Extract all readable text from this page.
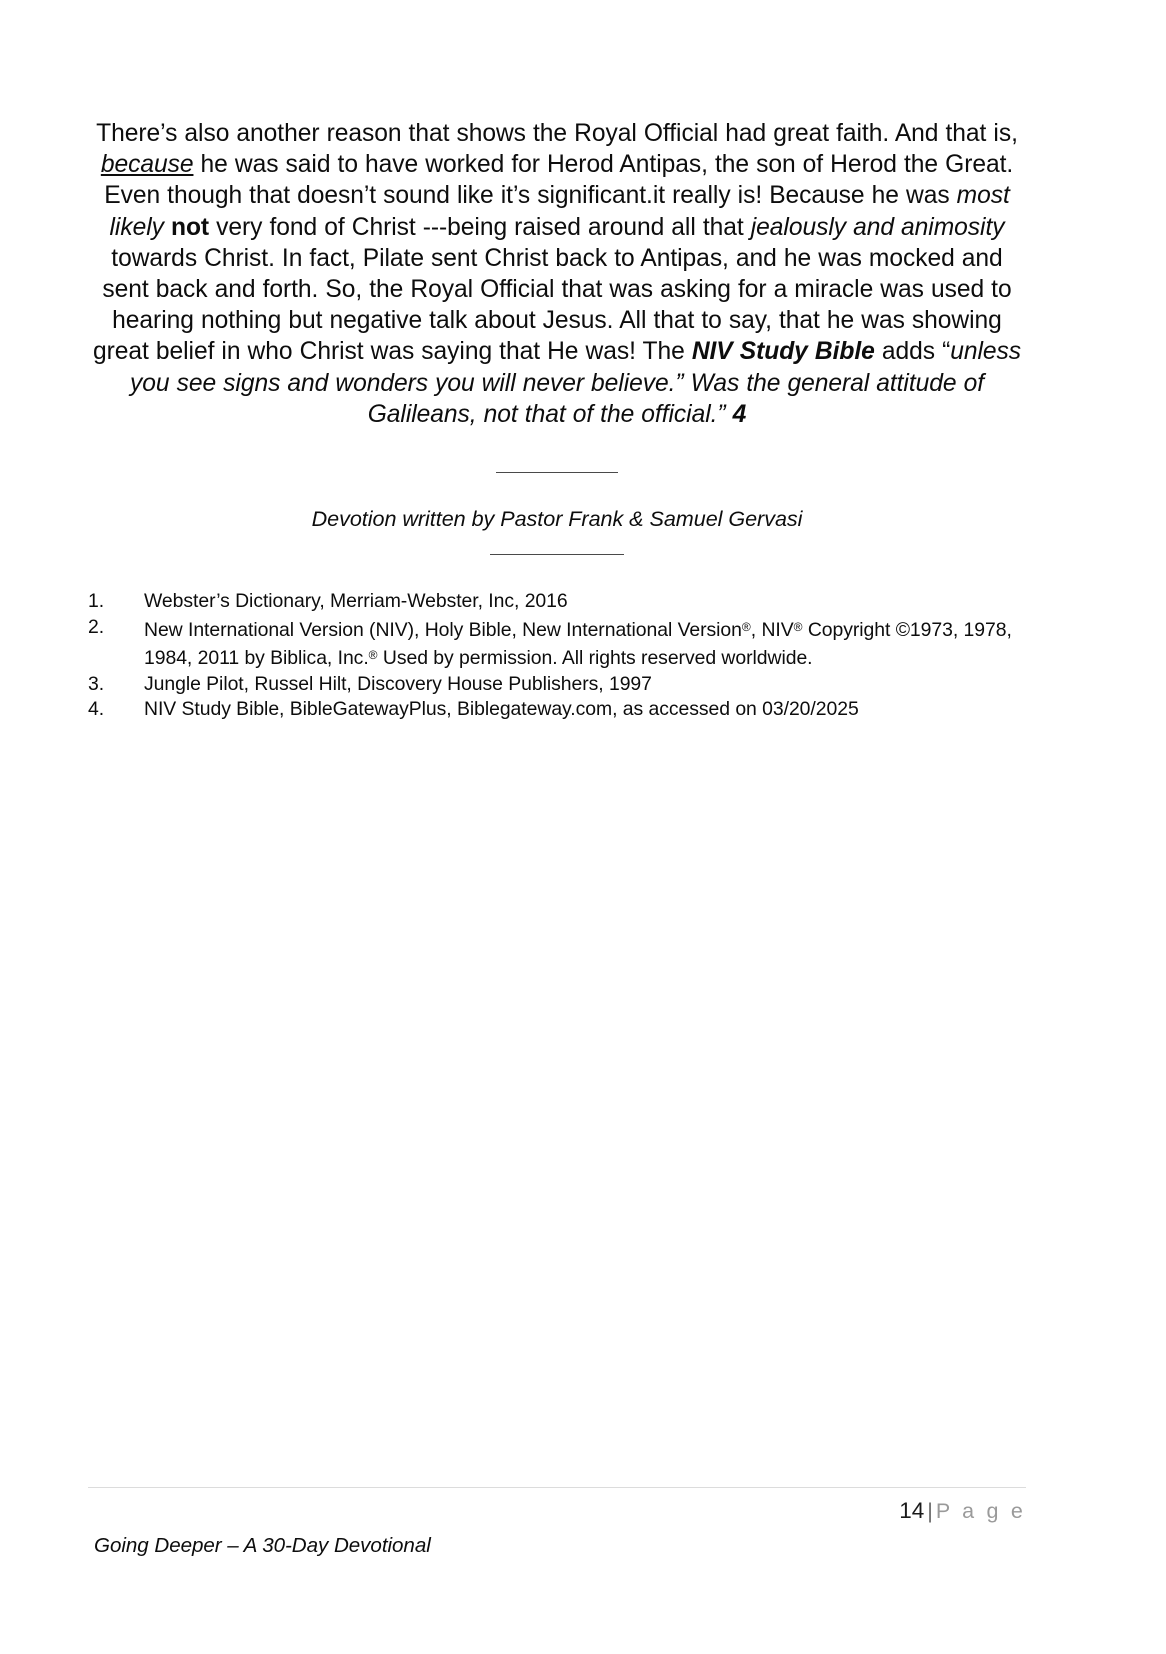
There’s also another reason that shows the Royal Official had great faith. And that is, because he was said to have worked for Herod Antipas, the son of Herod the Great. Even though that doesn’t sound like it’s significant.it really is! Because he was most likely not very fond of Christ ---being raised around all that jealously and animosity towards Christ. In fact, Pilate sent Christ back to Antipas, and he was mocked and sent back and forth. So, the Royal Official that was asking for a miracle was used to hearing nothing but negative talk about Jesus. All that to say, that he was showing great belief in who Christ was saying that He was! The NIV Study Bible adds “unless you see signs and wonders you will never believe.” Was the general attitude of Galileans, not that of the official.” 4

Devotion written by Pastor Frank & Samuel Gervasi
1.	Webster’s Dictionary, Merriam-Webster, Inc, 2016
2.	New International Version (NIV), Holy Bible, New International Version®, NIV® Copyright ©1973, 1978, 1984, 2011 by Biblica, Inc.® Used by permission. All rights reserved worldwide.
3.	Jungle Pilot, Russel Hilt, Discovery House Publishers, 1997
4.	NIV Study Bible, BibleGatewayPlus, Biblegateway.com, as accessed on 03/20/2025
14 | P a g e
Going Deeper – A 30-Day Devotional
